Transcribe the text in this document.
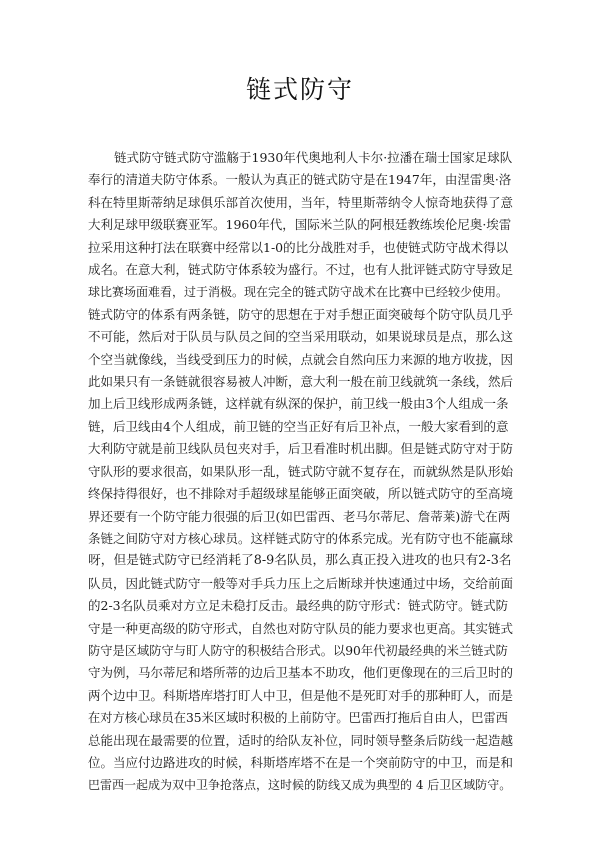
链式防守
链式防守链式防守滥觞于1930年代奥地利人卡尔·拉潘在瑞士国家足球队
奉行的清道夫防守体系。一般认为真正的链式防守是在1947年，由涅雷奥·洛
科在特里斯蒂纳足球俱乐部首次使用，当年，特里斯蒂纳令人惊奇地获得了意
大利足球甲级联赛亚军。1960年代，国际米兰队的阿根廷教练埃伦尼奥·埃雷
拉采用这种打法在联赛中经常以1-0的比分战胜对手，也使链式防守战术得以
成名。在意大利，链式防守体系较为盛行。不过，也有人批评链式防守导致足
球比赛场面难看，过于消极。现在完全的链式防守战术在比赛中已经较少使用。
链式防守的体系有两条链，防守的思想在于对手想正面突破每个防守队员几乎
不可能，然后对于队员与队员之间的空当采用联动，如果说球员是点，那么这
个空当就像线，当线受到压力的时候，点就会自然向压力来源的地方收拢，因
此如果只有一条链就很容易被人冲断，意大利一般在前卫线就筑一条线，然后
加上后卫线形成两条链，这样就有纵深的保护，前卫线一般由3个人组成一条
链，后卫线由4个人组成，前卫链的空当正好有后卫补点，一般大家看到的意
大利防守就是前卫线队员包夹对手，后卫看准时机出脚。但是链式防守对于防
守队形的要求很高，如果队形一乱，链式防守就不复存在，而就纵然是队形始
终保持得很好，也不排除对手超级球星能够正面突破，所以链式防守的至高境
界还要有一个防守能力很强的后卫(如巴雷西、老马尔蒂尼、詹蒂莱)游弋在两
条链之间防守对方核心球员。这样链式防守的体系完成。光有防守也不能赢球
呀，但是链式防守已经消耗了8-9名队员，那么真正投入进攻的也只有2-3名
队员，因此链式防守一般等对手兵力压上之后断球并快速通过中场，交给前面
的2-3名队员乘对方立足未稳打反击。最经典的防守形式：链式防守。链式防
守是一种更高级的防守形式，自然也对防守队员的能力要求也更高。其实链式
防守是区域防守与盯人防守的积极结合形式。以90年代初最经典的米兰链式防
守为例，马尔蒂尼和塔所蒂的边后卫基本不助攻，他们更像现在的三后卫时的
两个边中卫。科斯塔库塔打盯人中卫，但是他不是死盯对手的那种盯人，而是
在对方核心球员在35米区域时积极的上前防守。巴雷西打拖后自由人，巴雷西
总能出现在最需要的位置，适时的给队友补位，同时领导整条后防线一起造越
位。当应付边路进攻的时候，科斯塔库塔不在是一个突前防守的中卫，而是和
巴雷西一起成为双中卫争抢落点，这时候的防线又成为典型的 4 后卫区域防守。
